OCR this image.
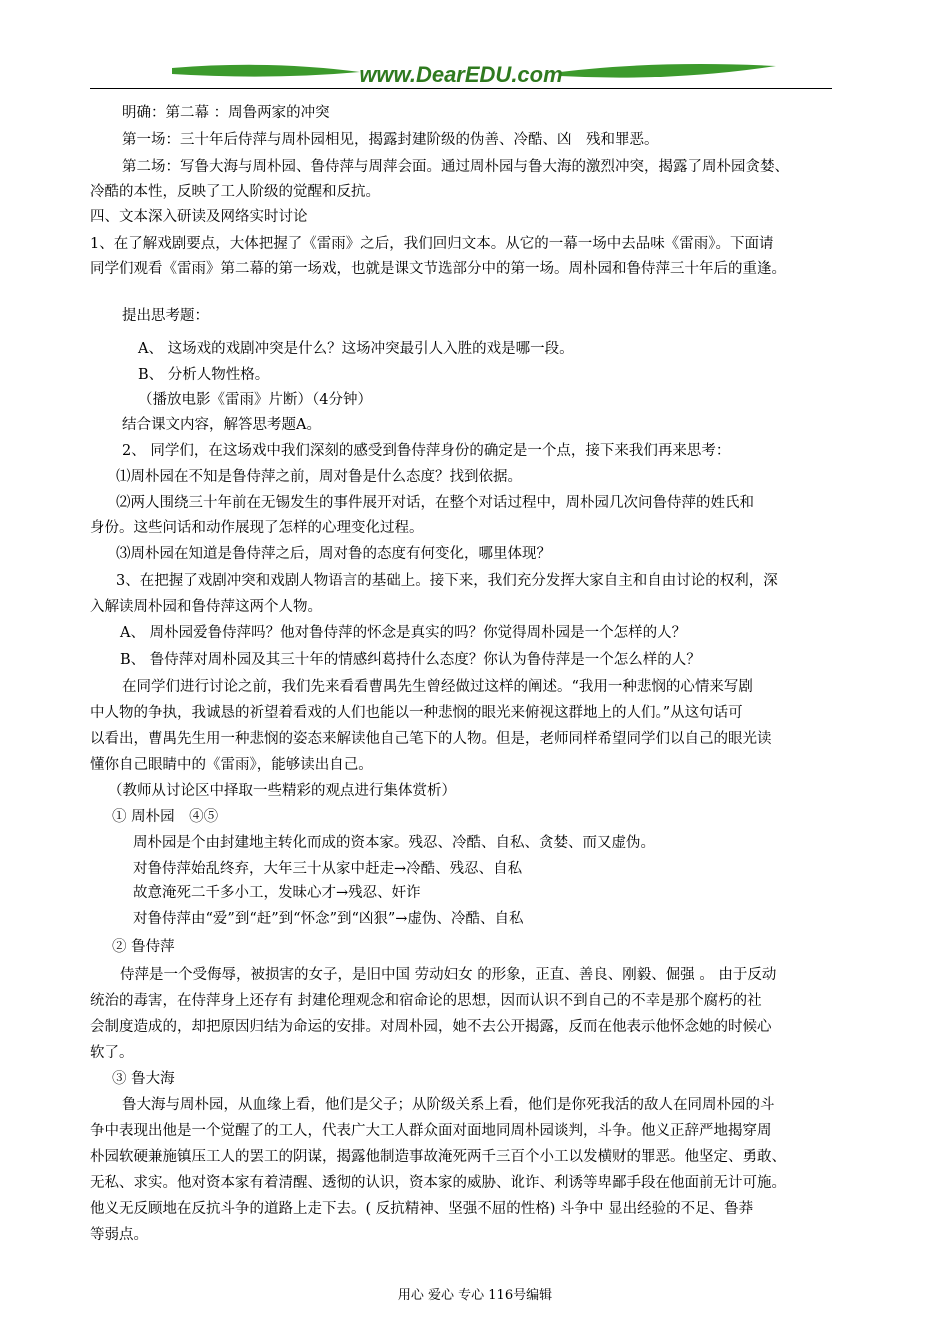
www.DearEDU.com
明确：第二幕 ：周鲁两家的冲突
第一场：三十年后侍萍与周朴园相见，揭露封建阶级的伪善、冷酷、凶　残和罪恶。
第二场：写鲁大海与周朴园、鲁侍萍与周萍会面。通过周朴园与鲁大海的激烈冲突，揭露了周朴园贪婪、
冷酷的本性，反映了工人阶级的觉醒和反抗。
四、文本深入研读及网络实时讨论
1、在了解戏剧要点，大体把握了《雷雨》之后，我们回归文本。从它的一幕一场中去品味《雷雨》。下面请
同学们观看《雷雨》第二幕的第一场戏，也就是课文节选部分中的第一场。周朴园和鲁侍萍三十年后的重逢。
提出思考题：
A、 这场戏的戏剧冲突是什么？这场冲突最引人入胜的戏是哪一段。
B、 分析人物性格。
（播放电影《雷雨》片断）（4分钟）
结合课文内容，解答思考题A。
2、 同学们，在这场戏中我们深刻的感受到鲁侍萍身份的确定是一个点，接下来我们再来思考：
⑴周朴园在不知是鲁侍萍之前，周对鲁是什么态度？找到依据。
⑵两人围绕三十年前在无锡发生的事件展开对话，在整个对话过程中，周朴园几次问鲁侍萍的姓氏和
身份。这些问话和动作展现了怎样的心理变化过程。
⑶周朴园在知道是鲁侍萍之后，周对鲁的态度有何变化，哪里体现？
3、在把握了戏剧冲突和戏剧人物语言的基础上。接下来，我们充分发挥大家自主和自由讨论的权利，深
入解读周朴园和鲁侍萍这两个人物。
A、 周朴园爱鲁侍萍吗？他对鲁侍萍的怀念是真实的吗？你觉得周朴园是一个怎样的人？
B、 鲁侍萍对周朴园及其三十年的情感纠葛持什么态度？你认为鲁侍萍是一个怎么样的人？
在同学们进行讨论之前，我们先来看看曹禺先生曾经做过这样的阐述。“我用一种悲悯的心情来写剧
中人物的争执，我诚恳的祈望着看戏的人们也能以一种悲悯的眼光来俯视这群地上的人们。”从这句话可
以看出，曹禺先生用一种悲悯的姿态来解读他自己笔下的人物。但是，老师同样希望同学们以自己的眼光读
懂你自己眼睛中的《雷雨》，能够读出自己。
（教师从讨论区中择取一些精彩的观点进行集体赏析）
① 周朴园　④⑤
周朴园是个由封建地主转化而成的资本家。残忍、冷酷、自私、贪婪、而又虚伪。
对鲁侍萍始乱终弃，大年三十从家中赶走→冷酷、残忍、自私
故意淹死二千多小工，发昧心才→残忍、奸诈
对鲁侍萍由“爱”到“赶”到“怀念”到“凶狠”→虚伪、冷酷、自私
② 鲁侍萍
侍萍是一个受侮辱，被损害的女子，是旧中国 劳动妇女 的形象，正直、善良、刚毅、倔强 。 由于反动
统治的毒害，在侍萍身上还存有 封建伦理观念和宿命论的思想，因而认识不到自己的不幸是那个腐朽的社
会制度造成的，却把原因归结为命运的安排。对周朴园，她不去公开揭露，反而在他表示他怀念她的时候心
软了。
③ 鲁大海
鲁大海与周朴园，从血缘上看，他们是父子；从阶级关系上看，他们是你死我活的敌人在同周朴园的斗
争中表现出他是一个觉醒了的工人，代表广大工人群众面对面地同周朴园谈判，斗争。他义正辞严地揭穿周
朴园软硬兼施镇压工人的罢工的阴谋，揭露他制造事故淹死两千三百个小工以发横财的罪恶。他坚定、勇敢、
无私、求实。他对资本家有着清醒、透彻的认识，资本家的威胁、讹诈、利诱等卑鄙手段在他面前无计可施。
他义无反顾地在反抗斗争的道路上走下去。( 反抗精神、坚强不屈的性格) 斗争中 显出经验的不足、鲁莽
等弱点。
用心 爱心 专心 116号编辑
